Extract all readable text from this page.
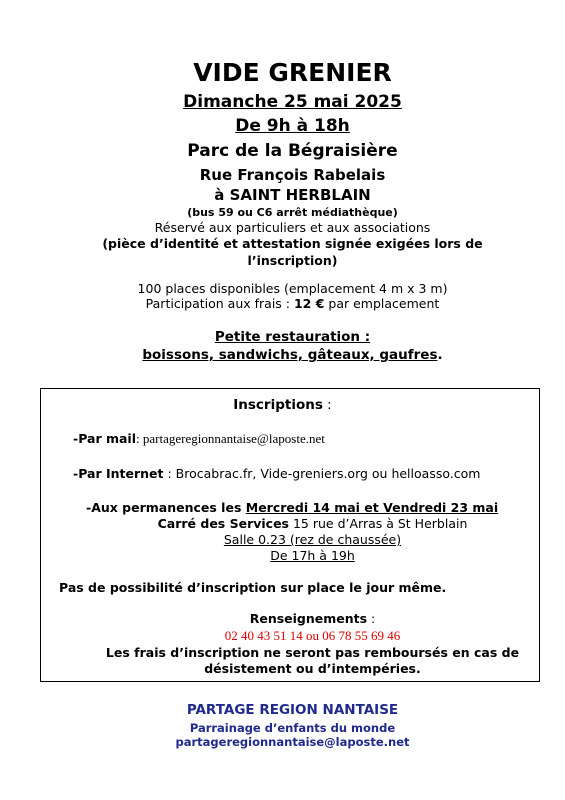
VIDE GRENIER
Dimanche 25 mai 2025
De 9h à 18h
Parc de la Bégraisière
Rue François Rabelais
à SAINT HERBLAIN
(bus 59 ou C6 arrêt médiathèque)
Réservé aux particuliers et aux associations
(pièce d’identité et attestation signée exigées lors de
l’inscription)
100 places disponibles (emplacement 4 m x 3 m)
Participation aux frais : 12 € par emplacement
Petite restauration :
boissons, sandwichs, gâteaux, gaufres.
Inscriptions :
-Par mail: partageregionnantaise@laposte.net
-Par Internet : Brocabrac.fr, Vide-greniers.org ou helloasso.com
-Aux permanences les Mercredi 14 mai et Vendredi 23 mai
Carré des Services 15 rue d’Arras à St Herblain
Salle 0.23 (rez de chaussée)
De 17h à 19h
Pas de possibilité d’inscription sur place le jour même.
Renseignements :
02 40 43 51 14 ou 06 78 55 69 46
Les frais d’inscription ne seront pas remboursés en cas de
désistement ou d’intempéries.
PARTAGE REGION NANTAISE
Parrainage d’enfants du monde
partageregionnantaise@laposte.net
